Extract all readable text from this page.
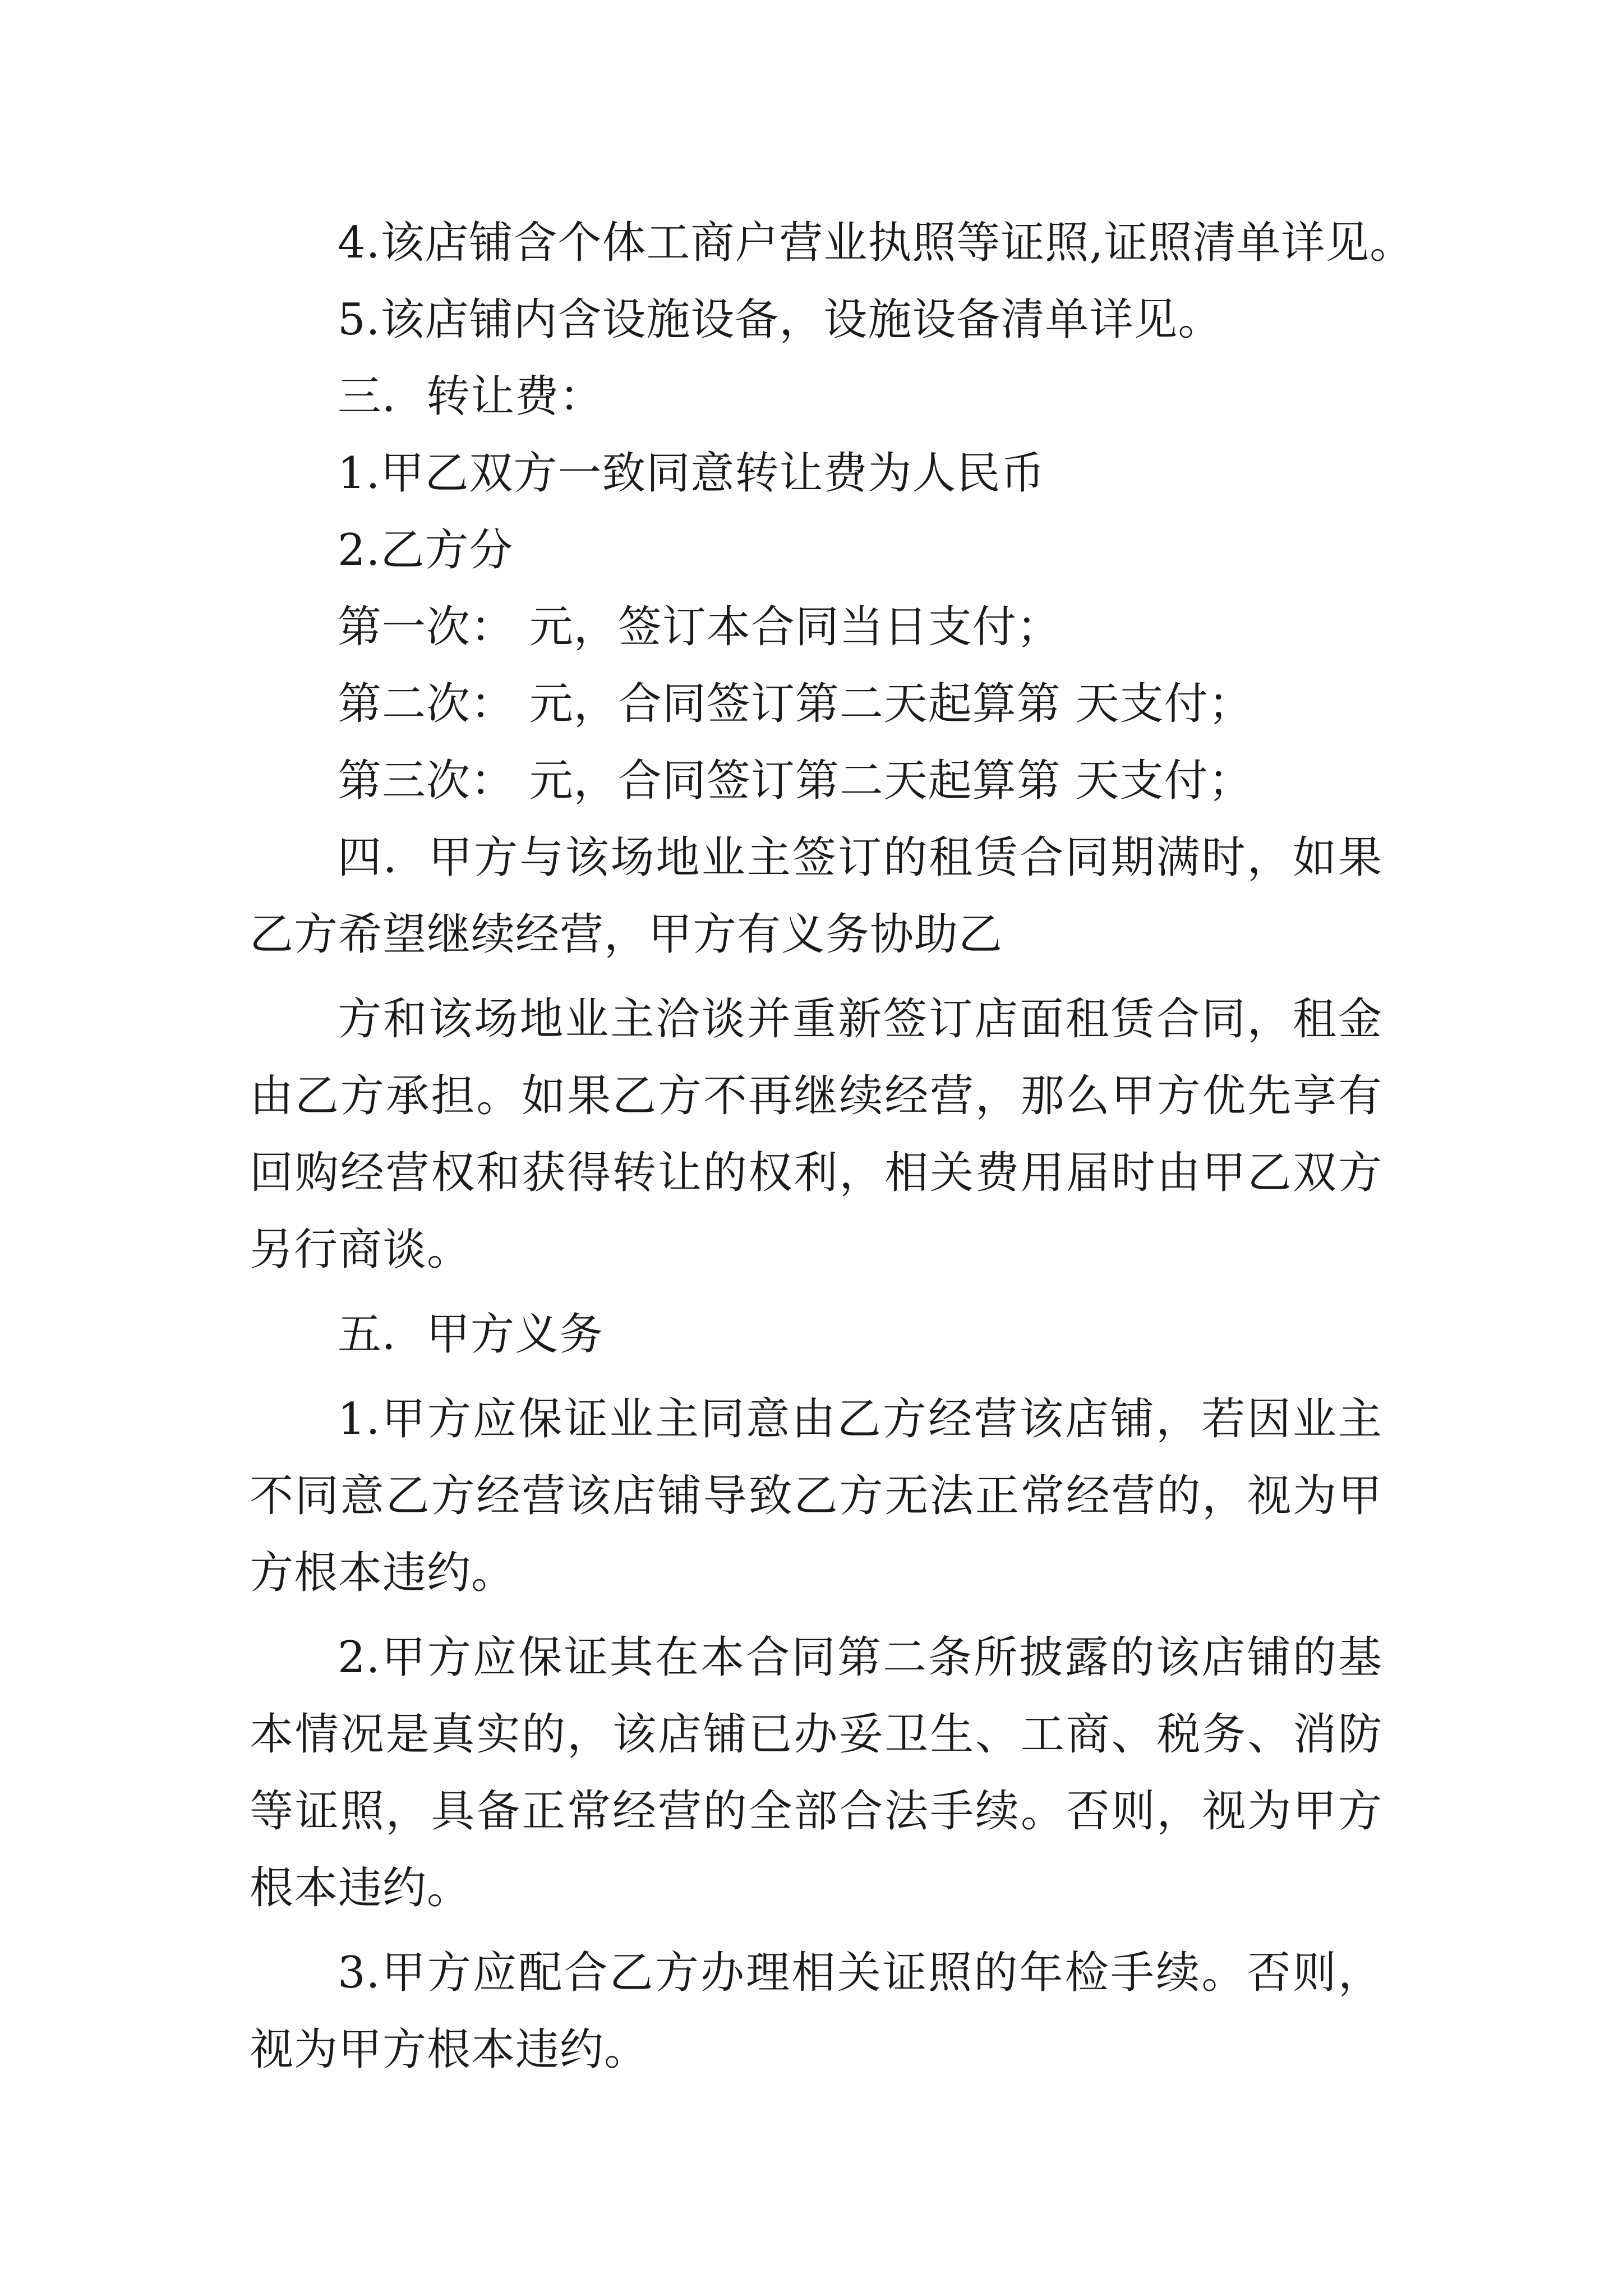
4.该店铺含个体工商户营业执照等证照,证照清单详见。

5.该店铺内含设施设备，设施设备清单详见。

三．转让费：

1.甲乙双方一致同意转让费为人民币

2.乙方分

第一次： 元，签订本合同当日支付；

第二次： 元，合同签订第二天起算第 天支付；

第三次： 元，合同签订第二天起算第 天支付；

四．甲方与该场地业主签订的租赁合同期满时，如果乙方希望继续经营，甲方有义务协助乙

方和该场地业主洽谈并重新签订店面租赁合同，租金由乙方承担。如果乙方不再继续经营，那么甲方优先享有回购经营权和获得转让的权利，相关费用届时由甲乙双方另行商谈。

五．甲方义务

1.甲方应保证业主同意由乙方经营该店铺，若因业主不同意乙方经营该店铺导致乙方无法正常经营的，视为甲方根本违约。

2.甲方应保证其在本合同第二条所披露的该店铺的基本情况是真实的，该店铺已办妥卫生、工商、税务、消防等证照，具备正常经营的全部合法手续。否则，视为甲方根本违约。

3.甲方应配合乙方办理相关证照的年检手续。否则，视为甲方根本违约。
